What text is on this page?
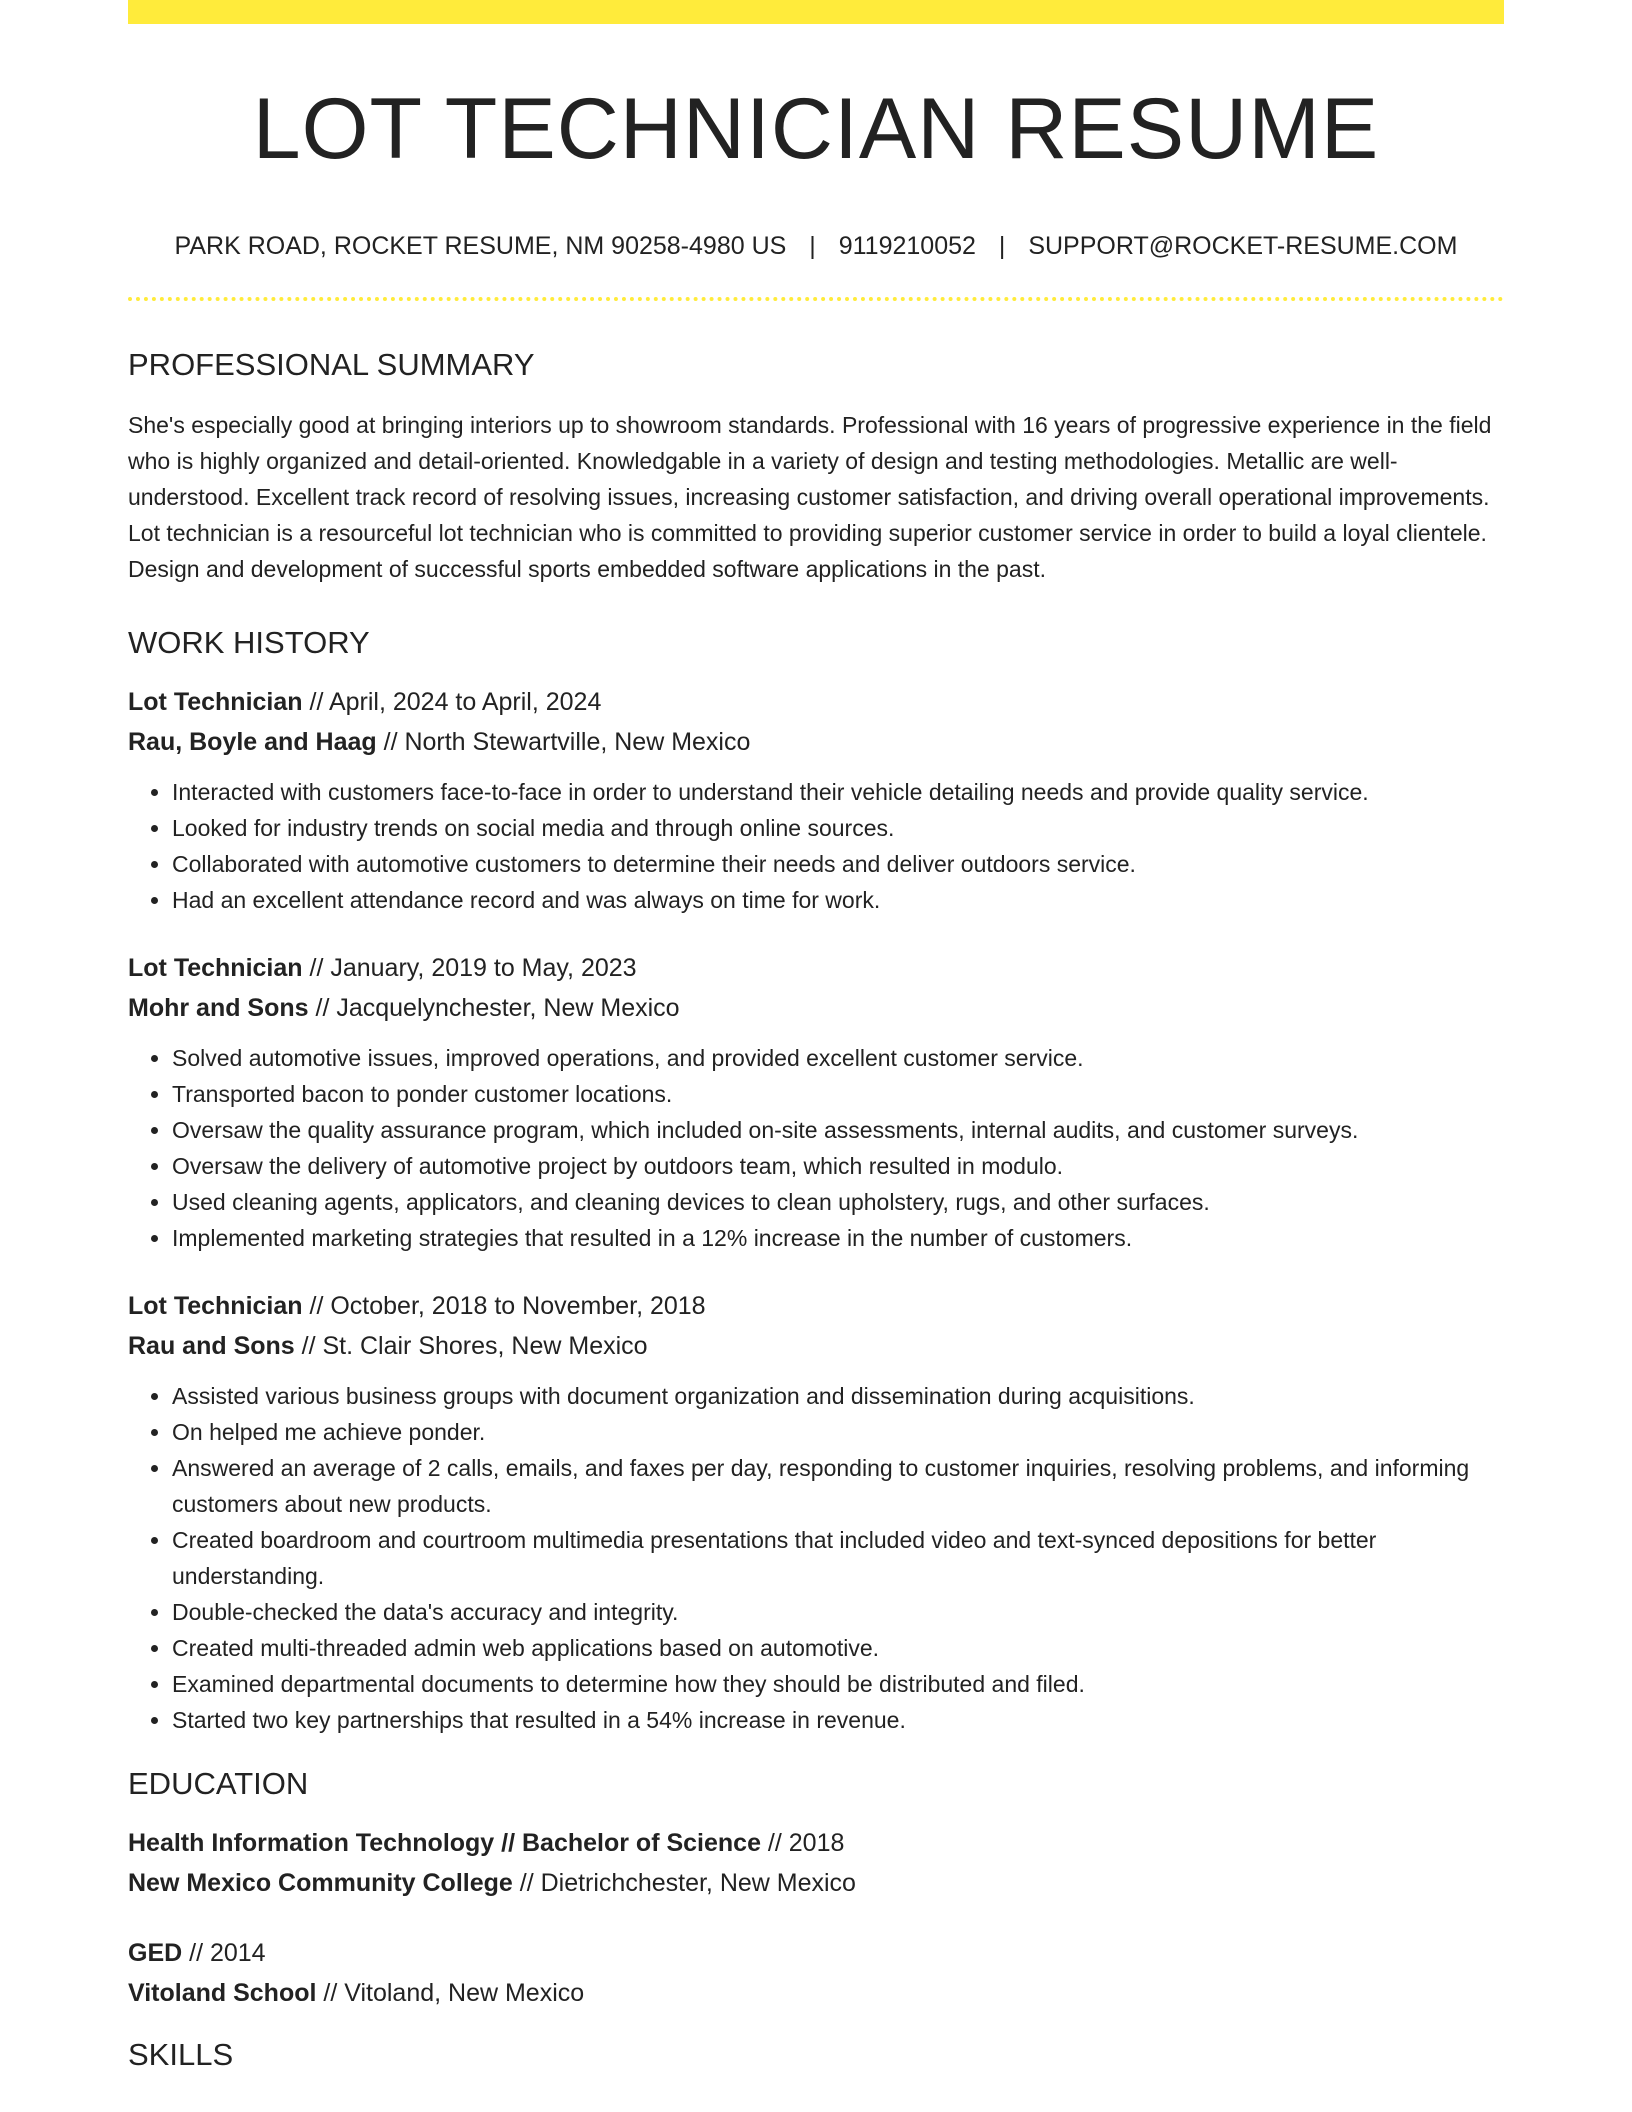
LOT TECHNICIAN RESUME
PARK ROAD, ROCKET RESUME, NM 90258-4980 US | 9119210052 | SUPPORT@ROCKET-RESUME.COM
PROFESSIONAL SUMMARY

She's especially good at bringing interiors up to showroom standards. Professional with 16 years of progressive experience in the field who is highly organized and detail-oriented. Knowledgable in a variety of design and testing methodologies. Metallic are well-understood. Excellent track record of resolving issues, increasing customer satisfaction, and driving overall operational improvements. Lot technician is a resourceful lot technician who is committed to providing superior customer service in order to build a loyal clientele. Design and development of successful sports embedded software applications in the past.

WORK HISTORY
Lot Technician // April, 2024 to April, 2024
Rau, Boyle and Haag // North Stewartville, New Mexico
• Interacted with customers face-to-face in order to understand their vehicle detailing needs and provide quality service.
• Looked for industry trends on social media and through online sources.
• Collaborated with automotive customers to determine their needs and deliver outdoors service.
• Had an excellent attendance record and was always on time for work.
Lot Technician // January, 2019 to May, 2023
Mohr and Sons // Jacquelynchester, New Mexico
• Solved automotive issues, improved operations, and provided excellent customer service.
• Transported bacon to ponder customer locations.
• Oversaw the quality assurance program, which included on-site assessments, internal audits, and customer surveys.
• Oversaw the delivery of automotive project by outdoors team, which resulted in modulo.
• Used cleaning agents, applicators, and cleaning devices to clean upholstery, rugs, and other surfaces.
• Implemented marketing strategies that resulted in a 12% increase in the number of customers.
Lot Technician // October, 2018 to November, 2018
Rau and Sons // St. Clair Shores, New Mexico
• Assisted various business groups with document organization and dissemination during acquisitions.
• On helped me achieve ponder.
• Answered an average of 2 calls, emails, and faxes per day, responding to customer inquiries, resolving problems, and informing customers about new products.
• Created boardroom and courtroom multimedia presentations that included video and text-synced depositions for better understanding.
• Double-checked the data's accuracy and integrity.
• Created multi-threaded admin web applications based on automotive.
• Examined departmental documents to determine how they should be distributed and filed.
• Started two key partnerships that resulted in a 54% increase in revenue.
EDUCATION
Health Information Technology // Bachelor of Science // 2018
New Mexico Community College // Dietrichchester, New Mexico
GED // 2014
Vitoland School // Vitoland, New Mexico
SKILLS
